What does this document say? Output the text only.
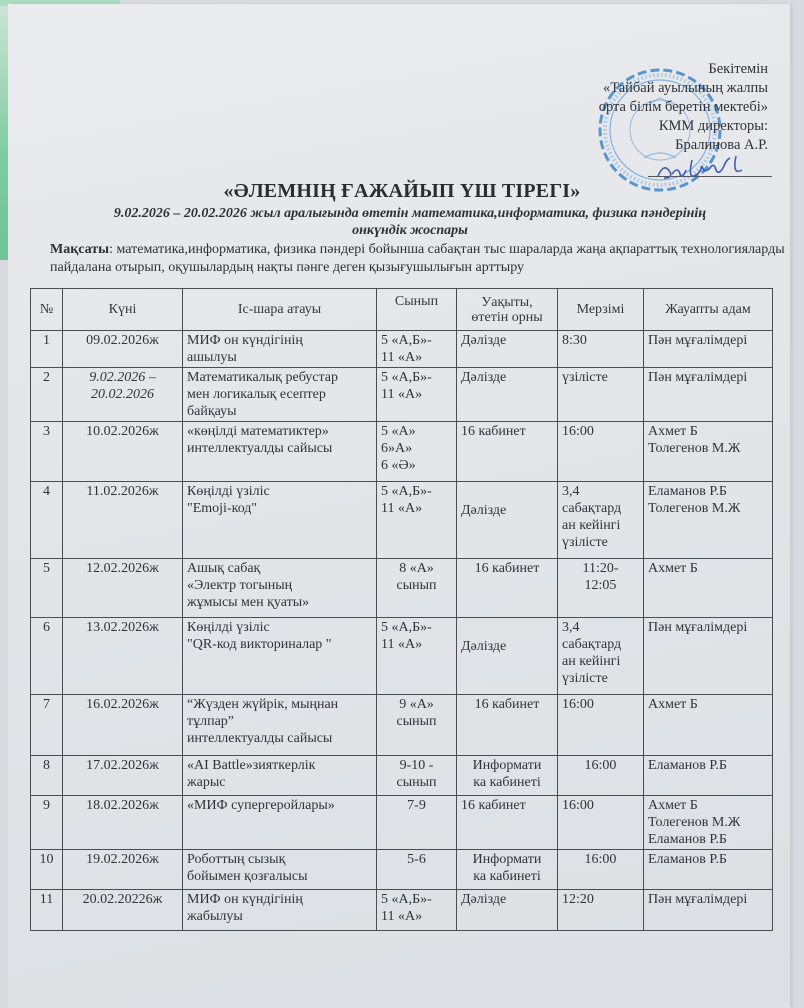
Бекітемін
«Тайбай ауылының жалпы
орта білім беретін мектебі»
КММ директоры:
Бралинова А.Р.
«ӘЛЕМНІҢ ҒАЖАЙЫП ҮШ ТІРЕГІ»
9.02.2026 – 20.02.2026 жыл аралығында өтетін математика,информатика, физика пәндерінің
онкүндік жоспары
Мақсаты: математика,информатика, физика пәндері бойынша сабақтан тыс шараларда жаңа ақпараттық технологияларды пайдалана отырып, оқушылардың нақты пәнге деген қызығушылығын арттыру
№	Күні	Іс-шара атауы	Сынып	Уақыты,
өтетін орны	Мерзімі	Жауапты адам
1	09.02.2026ж	МИФ он күндігінің
ашылуы	5 «А,Б»-
11 «А»	Дәлізде	8:30	Пән мұғалімдері
2	9.02.2026 –
20.02.2026	Математикалық ребустар
мен логикалық есептер
байқауы	5 «А,Б»-
11 «А»	Дәлізде	үзілісте	Пән мұғалімдері
3	10.02.2026ж	«көңілді математиктер»
интеллектуалды сайысы	5 «А»
6»А»
6 «Ә»	16 кабинет	16:00	Ахмет Б
Толегенов М.Ж
4	11.02.2026ж	Көңілді үзіліс
"Emoji-код"	5 «А,Б»-
11 «А»	Дәлізде	3,4
сабақтард
ан кейінгі
үзілісте	Еламанов Р.Б
Толегенов М.Ж
5	12.02.2026ж	Ашық сабақ
«Электр тогының
жұмысы мен қуаты»	8 «А»
сынып	16 кабинет	11:20-
12:05	Ахмет Б
6	13.02.2026ж	Көңілді үзіліс
"QR-код викториналар "	5 «А,Б»-
11 «А»	Дәлізде	3,4
сабақтард
ан кейінгі
үзілісте	Пән мұғалімдері
7	16.02.2026ж	“Жүзден жүйрік, мыңнан
тұлпар”
интеллектуалды сайысы	9 «А»
сынып	16 кабинет	16:00	Ахмет Б
8	17.02.2026ж	«AI Battle»зияткерлік
жарыс	9-10 -
сынып	Информати
ка кабинеті	16:00	Еламанов Р.Б
9	18.02.2026ж	«МИФ супергеройлары»	7-9	16 кабинет	16:00	Ахмет Б
Толегенов М.Ж
Еламанов Р.Б
10	19.02.2026ж	Роботтың сызық
бойымен қозғалысы	5-6	Информати
ка кабинеті	16:00	Еламанов Р.Б
11	20.02.20226ж	МИФ он күндігінің
жабылуы	5 «А,Б»-
11 «А»	Дәлізде	12:20	Пән мұғалімдері
